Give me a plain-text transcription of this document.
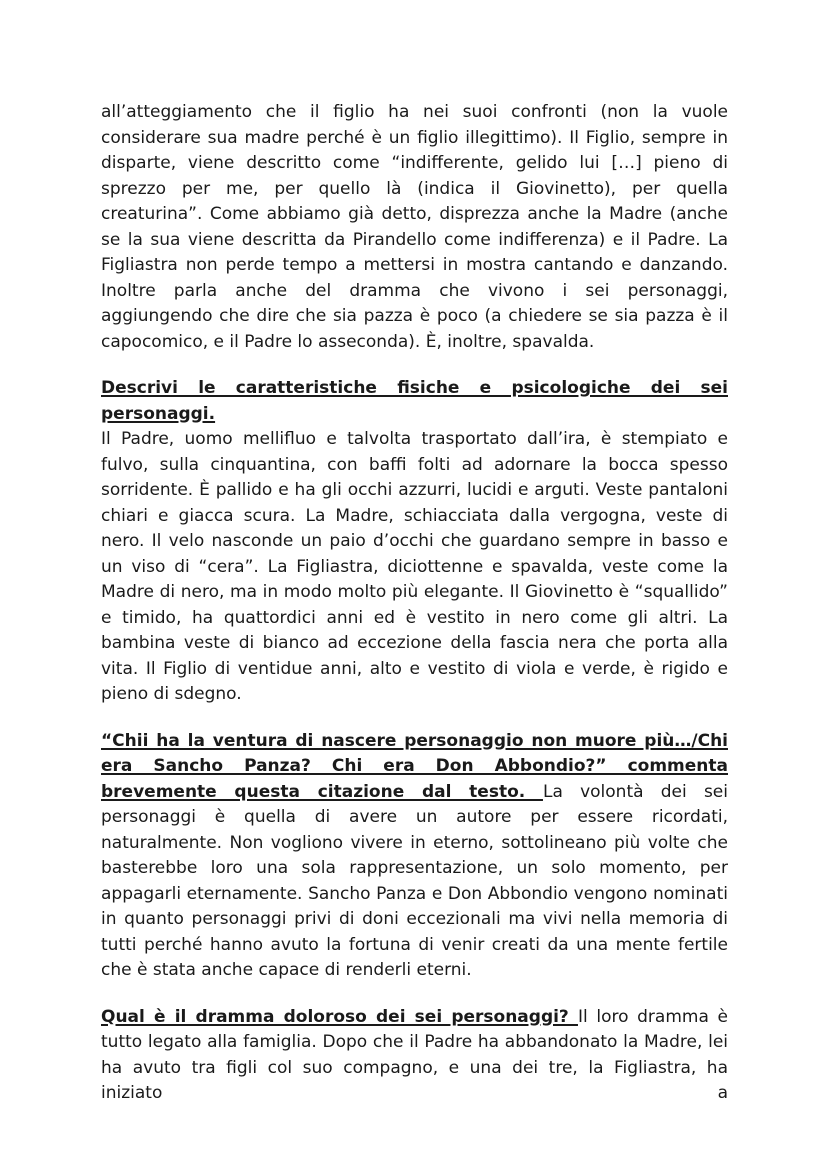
all’atteggiamento che il figlio ha nei suoi confronti (non la vuole considerare sua madre perché è un figlio illegittimo). Il Figlio, sempre in disparte, viene descritto come “indifferente, gelido lui […] pieno di sprezzo per me, per quello là (indica il Giovinetto), per quella creaturina”. Come abbiamo già detto, disprezza anche la Madre (anche se la sua viene descritta da Pirandello come indifferenza) e il Padre. La Figliastra non perde tempo a mettersi in mostra cantando e danzando. Inoltre parla anche del dramma che vivono i sei personaggi, aggiungendo che dire che sia pazza è poco (a chiedere se sia pazza è il capocomico, e il Padre lo asseconda). È, inoltre, spavalda.

Descrivi le caratteristiche fisiche e psicologiche dei sei personaggi.
Il Padre, uomo mellifluo e talvolta trasportato dall’ira, è stempiato e fulvo, sulla cinquantina, con baffi folti ad adornare la bocca spesso sorridente. È pallido e ha gli occhi azzurri, lucidi e arguti. Veste pantaloni chiari e giacca scura. La Madre, schiacciata dalla vergogna, veste di nero. Il velo nasconde un paio d’occhi che guardano sempre in basso e un viso di “cera”. La Figliastra, diciottenne e spavalda, veste come la Madre di nero, ma in modo molto più elegante. Il Giovinetto è “squallido” e timido, ha quattordici anni ed è vestito in nero come gli altri. La bambina veste di bianco ad eccezione della fascia nera che porta alla vita. Il Figlio di ventidue anni, alto e vestito di viola e verde, è rigido e pieno di sdegno.

“Chii ha la ventura di nascere personaggio non muore più…/Chi era Sancho Panza? Chi era Don Abbondio?” commenta brevemente questa citazione dal testo. La volontà dei sei personaggi è quella di avere un autore per essere ricordati, naturalmente. Non vogliono vivere in eterno, sottolineano più volte che basterebbe loro una sola rappresentazione, un solo momento, per appagarli eternamente. Sancho Panza e Don Abbondio vengono nominati in quanto personaggi privi di doni eccezionali ma vivi nella memoria di tutti perché hanno avuto la fortuna di venir creati da una mente fertile che è stata anche capace di renderli eterni.

Qual è il dramma doloroso dei sei personaggi? Il loro dramma è tutto legato alla famiglia. Dopo che il Padre ha abbandonato la Madre, lei ha avuto tra figli col suo compagno, e una dei tre, la Figliastra, ha iniziato a
